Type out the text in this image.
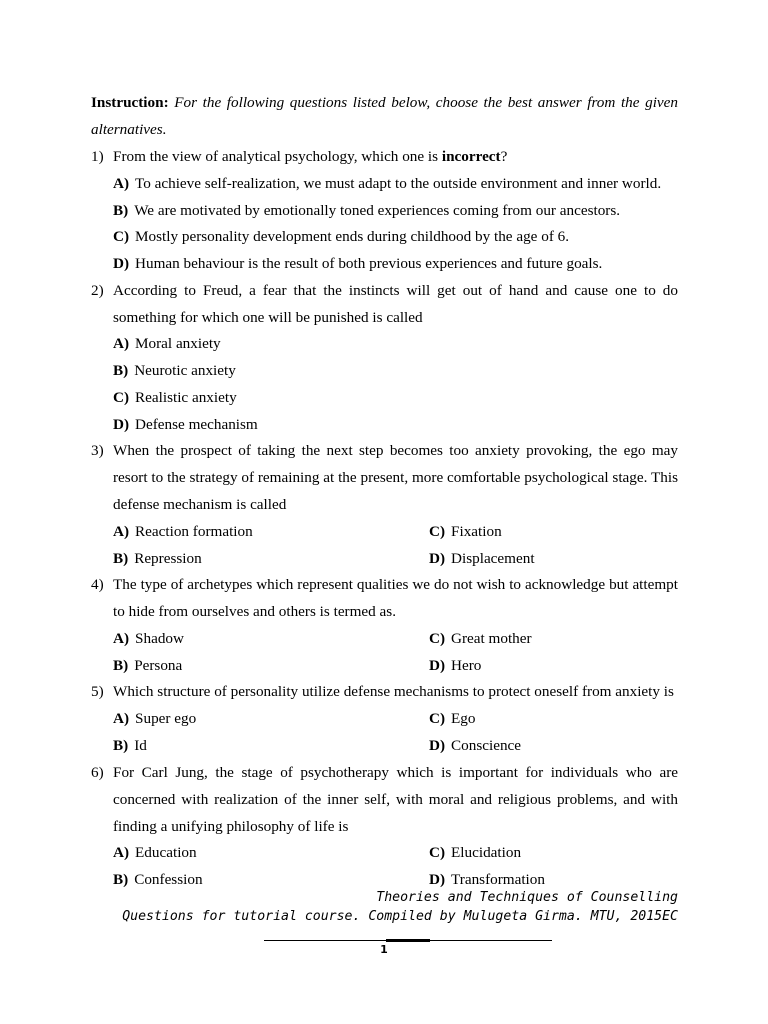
Instruction: For the following questions listed below, choose the best answer from the given alternatives.
1) From the view of analytical psychology, which one is incorrect?
A) To achieve self-realization, we must adapt to the outside environment and inner world.
B) We are motivated by emotionally toned experiences coming from our ancestors.
C) Mostly personality development ends during childhood by the age of 6.
D) Human behaviour is the result of both previous experiences and future goals.
2) According to Freud, a fear that the instincts will get out of hand and cause one to do something for which one will be punished is called
A) Moral anxiety
B) Neurotic anxiety
C) Realistic anxiety
D) Defense mechanism
3) When the prospect of taking the next step becomes too anxiety provoking, the ego may resort to the strategy of remaining at the present, more comfortable psychological stage. This defense mechanism is called
A) Reaction formation	C) Fixation
B) Repression	D) Displacement
4) The type of archetypes which represent qualities we do not wish to acknowledge but attempt to hide from ourselves and others is termed as.
A) Shadow	C) Great mother
B) Persona	D) Hero
5) Which structure of personality utilize defense mechanisms to protect oneself from anxiety is
A) Super ego	C) Ego
B) Id	D) Conscience
6) For Carl Jung, the stage of psychotherapy which is important for individuals who are concerned with realization of the inner self, with moral and religious problems, and with finding a unifying philosophy of life is
A) Education	C) Elucidation
B) Confession	D) Transformation
Theories and Techniques of Counselling
Questions for tutorial course. Compiled by Mulugeta Girma. MTU, 2015EC
1
